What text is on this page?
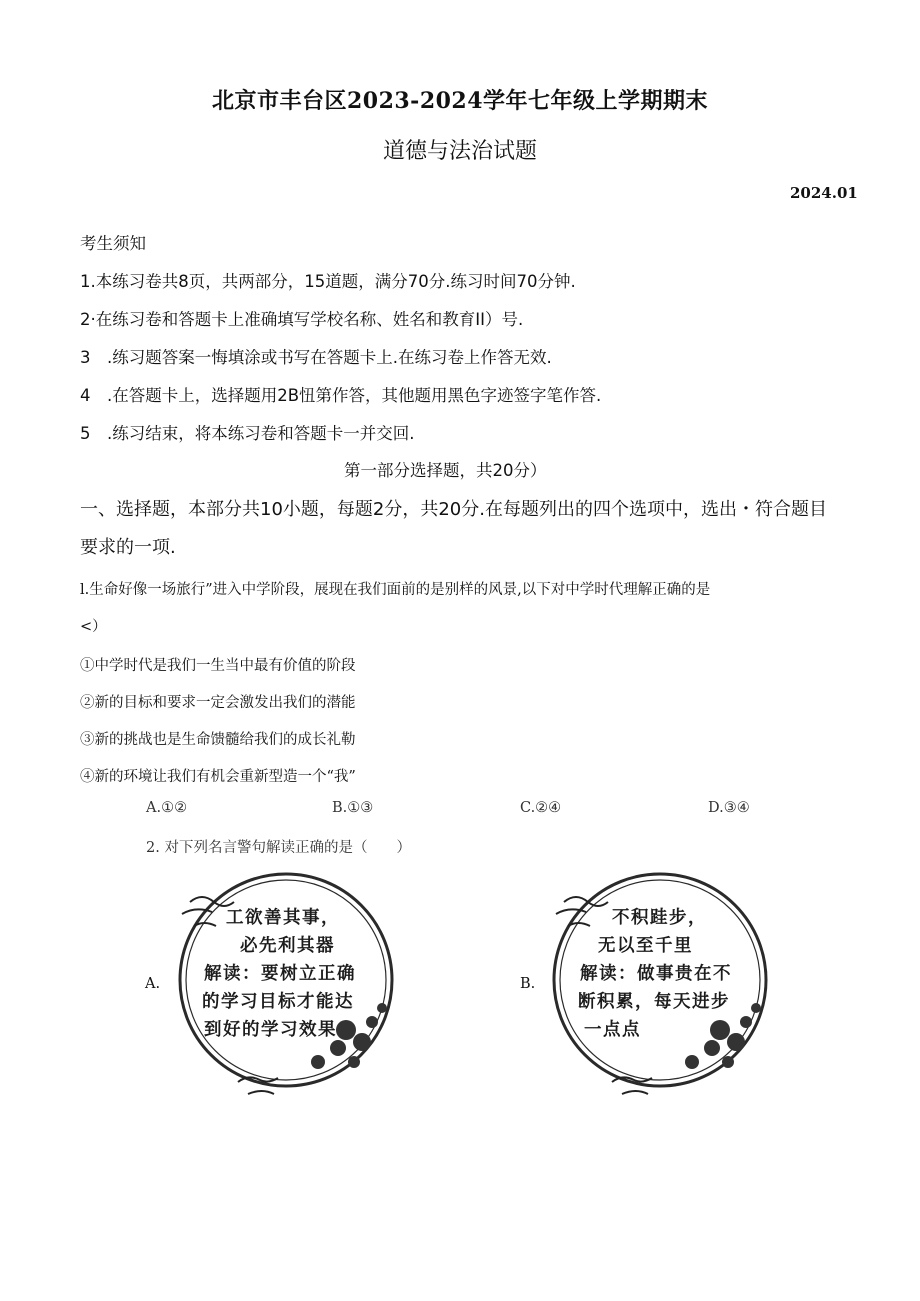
北京市丰台区2023-2024学年七年级上学期期末
道德与法治试题
2024.01
考生须知
1.本练习卷共8页，共两部分，15道题，满分70分.练习时间70分钟.
2·在练习卷和答题卡上准确填写学校名称、姓名和教育II）号.
3　.练习题答案一悔填涂或书写在答题卡上.在练习卷上作答无效.
4　.在答题卡上，选择题用2B忸第作答，其他题用黑色字迹签字笔作答.
5　.练习结束，将本练习卷和答题卡一并交回.
第一部分选择题，共20分）
一、选择题，本部分共10小题，每题2分，共20分.在每题列出的四个选项中，选出・符合题目
要求的一项.
l.生命好像一场旅行”进入中学阶段，展现在我们面前的是别样的风景,以下对中学时代理解正确的是
<）
①中学时代是我们一生当中最有价值的阶段
②新的目标和要求一定会激发出我们的潜能
③新的挑战也是生命馈髓给我们的成长礼勒
④新的环境让我们有机会重新型造一个“我”
A.①②	B.①③	C.②④	D.③④
2. 对下列名言警句解读正确的是（　　）
A.	B.
工欲善其事，
必先利其器
解读：要树立正确
的学习目标才能达
到好的学习效果
不积跬步，
无以至千里
解读：做事贵在不
断积累，每天进步
一点点
